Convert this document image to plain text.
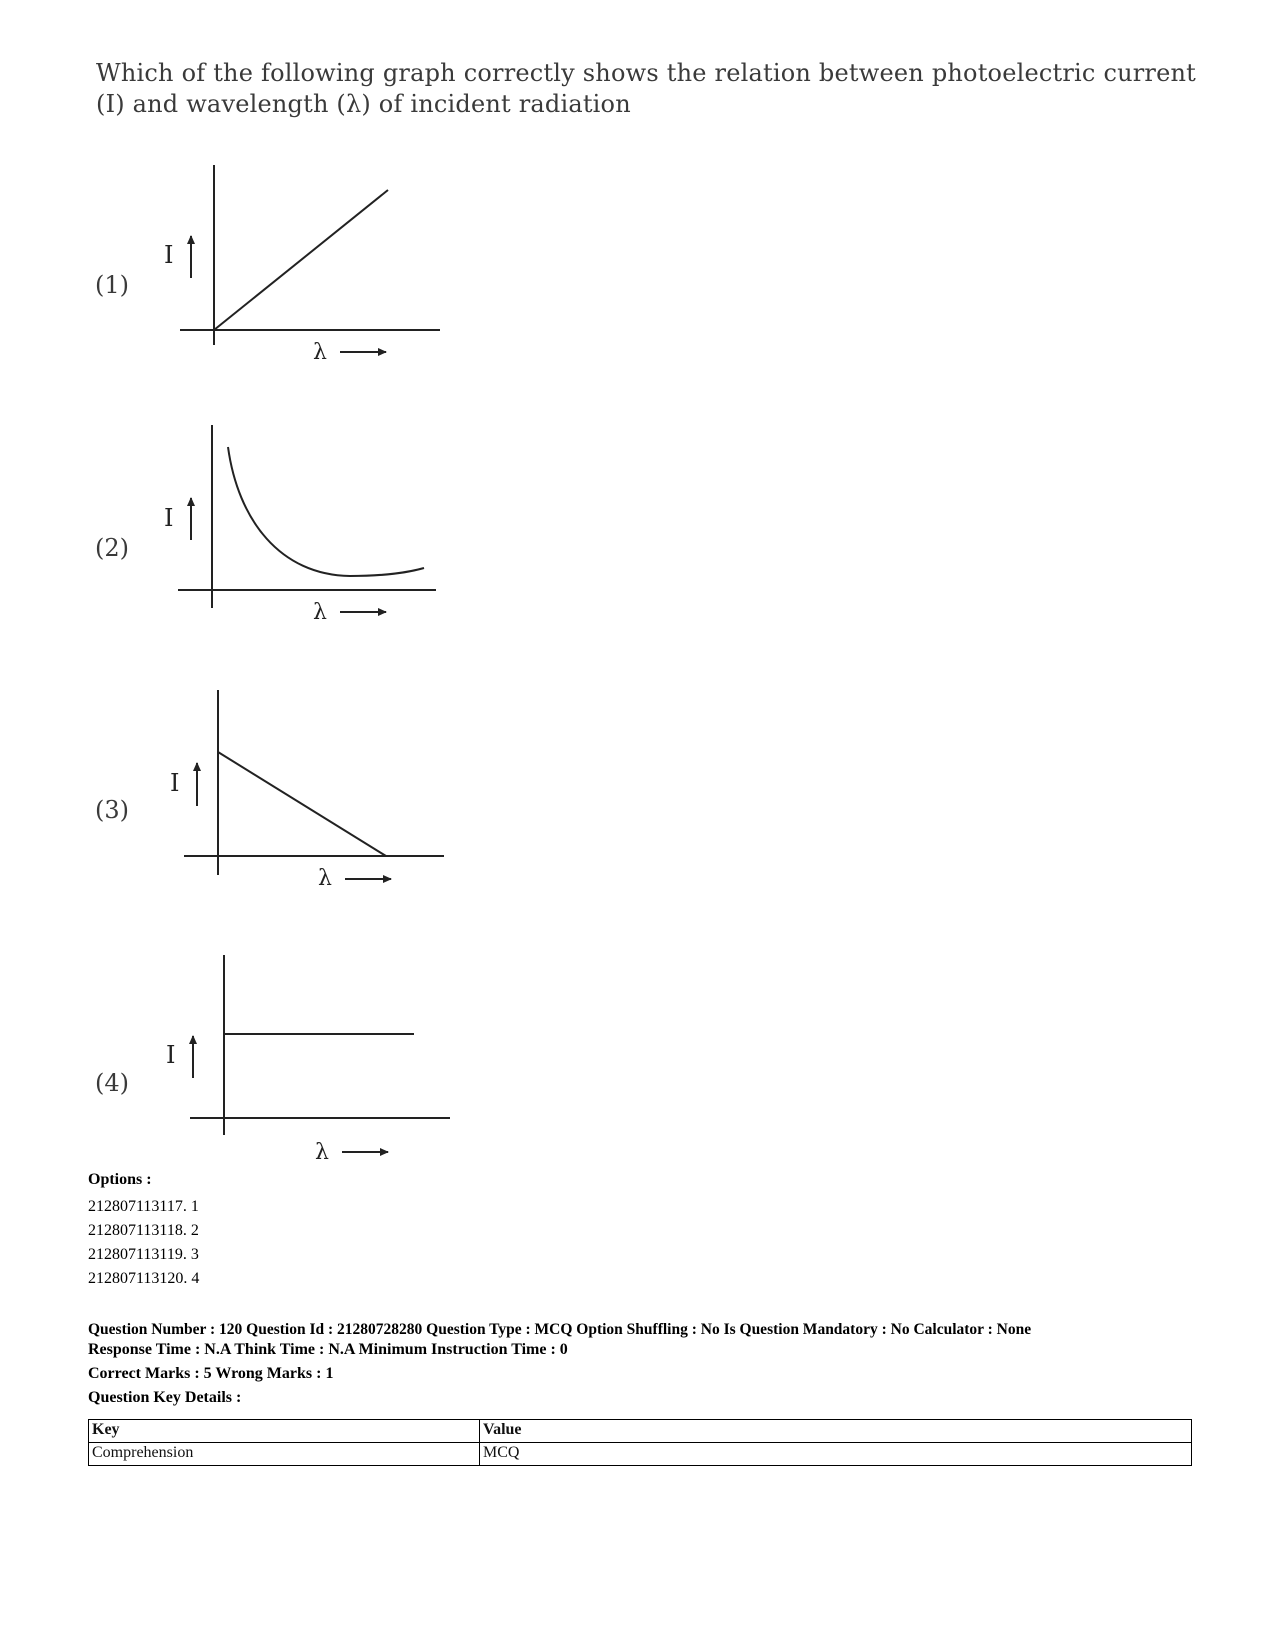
Which of the following graph correctly shows the relation between photoelectric current (I) and wavelength (λ) of incident radiation
(1)
(2)
(3)
(4)
I
λ
I
λ
I
λ
I
λ
Options :
212807113117. 1
212807113118. 2
212807113119. 3
212807113120. 4
Question Number : 120 Question Id : 21280728280 Question Type : MCQ Option Shuffling : No Is Question Mandatory : No Calculator : None
Response Time : N.A Think Time : N.A Minimum Instruction Time : 0
Correct Marks : 5 Wrong Marks : 1
Question Key Details :
Key	Value
Comprehension	MCQ
